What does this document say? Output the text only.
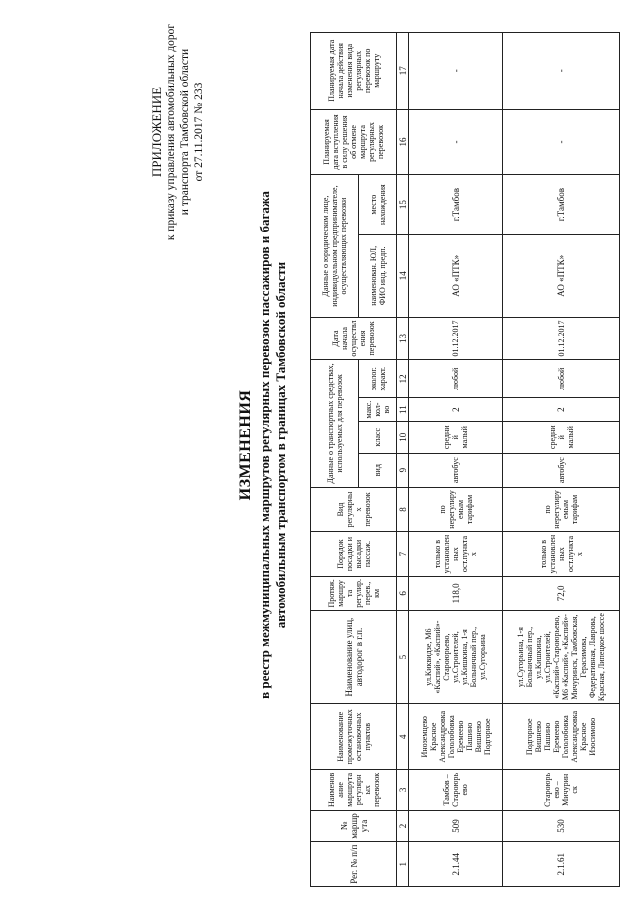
ПРИЛОЖЕНИЕ к приказу управления автомобильных дорог и транспорта Тамбовской области от 27.11.2017 № 233
ИЗМЕНЕНИЯ в реестр межмуниципальных маршрутов регулярных перевозок пассажиров и багажа автомобильным транспортом в границах Тамбовской области
Рег. № п/п	№ маршрута	Наименование маршрута регулярных перевозок	Наименование промежуточных остановочных пунктов	Наименование улиц, автодорог в г.п.	Протяж. маршрута регулир. перев., км	Порядок посадки и высадки пассаж.	Вид регулярных перевозок	Данные о транспортных средствах, используемых для перевозок				Дата начала осуществления перевозок	Данные о юридическом лице, индивидуальном предпринимателе, осуществляющих перевозки		Планируемая дата вступления в силу решения об отмене маршрута регулярных перевозок	Планируемая дата начала действия изменения вида регулярных перевозок по маршруту
								вид	класс	макс. кол-во	эколог. характ.		наименован. ЮЛ, ФИО инд. предп.	место нахождения		
1	2	3	4	5	6	7	8	9	10	11	12	13	14	15	16	17
2.1.44	509	Тамбов – Староюрьево	Иноземцево Красное Александровка Гололобовка Еремеево Пашино Вишнево Подгорное	ул.Киквидзе, М6 «Каспий», «Каспий»-Староюрьево, ул.Строителей, ул.Кишкина, 1-я Больничный пер., ул.Сугорьина	118,0	только в установленных ост.пунктах	по нерегулируемым тарифам	автобус	средний малый	2	любой	01.12.2017	АО «ПТК»	г.Тамбов	-	-
2.1.61	530	Староюрьево – Мичуринск	Подгорное Вишнево Пашино Еремеево Гололобовка Александровка Красное Изосимово	ул.Сугорьина, 1-я Больничный пер., ул.Кишкина, ул.Строителей, «Каспий»-Староюрьево, М6 «Каспий», «Каспий»-Мичуринск, Тамбовская, Герасимова, Федеративная, Лаврова, Красная, Липецкое шоссе	72,0	только в установленных ост.пунктах	по нерегулируемым тарифам	автобус	средний малый	2	любой	01.12.2017	АО «ПТК»	г.Тамбов	-	-
